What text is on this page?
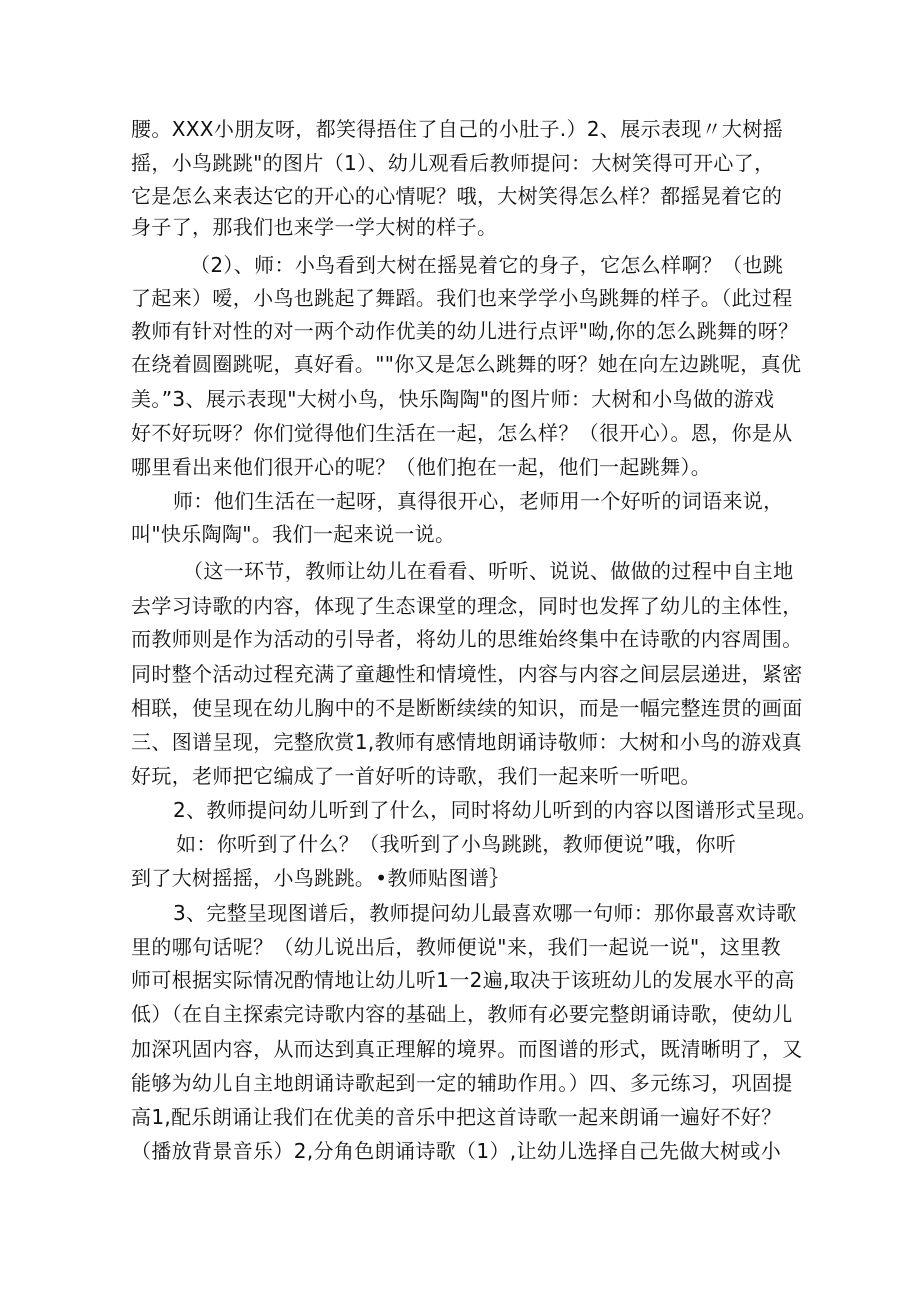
腰。XXX小朋友呀，都笑得捂住了自己的小肚子.）2、展示表现〃大树摇
摇，小鸟跳跳"的图片（1）、幼儿观看后教师提问：大树笑得可开心了，
它是怎么来表达它的开心的心情呢？哦，大树笑得怎么样？都摇晃着它的
身子了，那我们也来学一学大树的样子。
（2）、师：小鸟看到大树在摇晃着它的身子，它怎么样啊？（也跳
了起来）嗳，小鸟也跳起了舞蹈。我们也来学学小鸟跳舞的样子。（此过程
教师有针对性的对一两个动作优美的幼儿进行点评"呦,你的怎么跳舞的呀？
在绕着圆圈跳呢，真好看。""你又是怎么跳舞的呀？她在向左边跳呢，真优
美。”3、展示表现"大树小鸟，快乐陶陶"的图片师：大树和小鸟做的游戏
好不好玩呀？你们觉得他们生活在一起，怎么样？（很开心）。恩，你是从
哪里看出来他们很开心的呢？（他们抱在一起，他们一起跳舞）。
师：他们生活在一起呀，真得很开心，老师用一个好听的词语来说，
叫"快乐陶陶"。我们一起来说一说。
（这一环节，教师让幼儿在看看、听听、说说、做做的过程中自主地
去学习诗歌的内容，体现了生态课堂的理念，同时也发挥了幼儿的主体性，
而教师则是作为活动的引导者，将幼儿的思维始终集中在诗歌的内容周围。
同时整个活动过程充满了童趣性和情境性，内容与内容之间层层递进，紧密
相联，使呈现在幼儿胸中的不是断断续续的知识，而是一幅完整连贯的画面
三、图谱呈现，完整欣赏1,教师有感情地朗诵诗敬师：大树和小鸟的游戏真
好玩，老师把它编成了一首好听的诗歌，我们一起来听一听吧。
2、教师提问幼儿听到了什么，同时将幼儿听到的内容以图谱形式呈现。
如：你听到了什么？（我听到了小鸟跳跳，教师便说”哦，你听
到了大树摇摇，小鸟跳跳。•教师贴图谱｝
3、完整呈现图谱后，教师提问幼儿最喜欢哪一句师：那你最喜欢诗歌
里的哪句话呢？（幼儿说出后，教师便说"来，我们一起说一说"，这里教
师可根据实际情况酌情地让幼儿听1一2遍,取决于该班幼儿的发展水平的高
低）（在自主探索完诗歌内容的基础上，教师有必要完整朗诵诗歌，使幼儿
加深巩固内容，从而达到真正理解的境界。而图谱的形式，既清晰明了，又
能够为幼儿自主地朗诵诗歌起到一定的辅助作用。）四、多元练习，巩固提
高1,配乐朗诵让我们在优美的音乐中把这首诗歌一起来朗诵一遍好不好？
（播放背景音乐）2,分角色朗诵诗歌（1）,让幼儿选择自己先做大树或小
